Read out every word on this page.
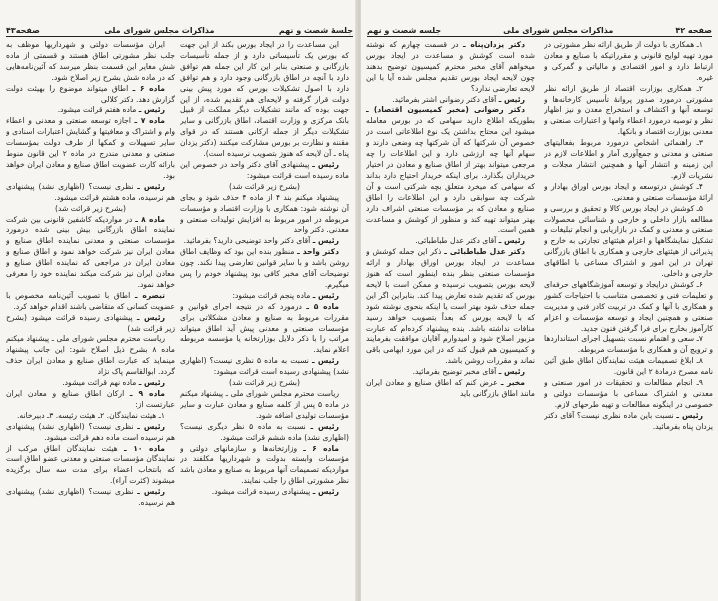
جلسهٔ شصت و نهم
مذاکرات مجلس شورای ملی
صفحه۴۳

این مساعدت را در ایجاد بورس بکند از این جهت که بورس یک تأسیساتی دارد و از جمله تأسیسات بازرگانی و صنعتی بنابر این کار این جمله هم توافق دارد با آنچه در اطاق بازرگانی وجود دارد و هم توافق دارد با اصول تشکیلات بورس که مورد پیش بینی دولت قرار گرفته و لایحه‌ای هم تقدیم شده، از این جهت بوده که مانند تشکیلات دیگر مملکت از قبیل بانک مرکزی و وزارت اقتصاد، اطاق بازرگانی و سایر تشکیلات دیگر از جمله ارکانی هستند که در قوای مقننه و نظارت بر بورس مشارکت میکنند (دکتر یزدان پناه ـ آن لایحه که هنوز بتصویب نرسیده است).

رئیس ـ پیشنهادی آقای دکتر واحد در خصوص این ماده رسیده است قرائت میشود:

(بشرح زیر قرائت شد)

پیشنهاد میکنم بند ۴ از ماده ۴ حذف شود و بجای آن نوشته شود: همکاری با وزارت اقتصاد و مؤسسات مربوطه در امور مربوط به افزایش تولیدات صنعتی و معدنی. دکتر واحد

رئیس ـ آقای دکتر واحد توضیحی دارید؟ بفرمائید.

دکتر واحد ـ منظور بنده این بود که وظایف اطاق روشن باشد و با سایر قوانین تعارضی پیدا نکند. چون توضیحات آقای مخبر کافی بود پیشنهاد خودم را پس میگیرم.

رئیس ـ ماده پنجم قرائت میشود:

ماده ۵ ـ درمورد که در نتیجه اجرای قوانین و مقررات مربوط به صنایع و معادن مشکلاتی برای مؤسسات صنعتی و معدنی پیش آید اطاق میتواند مراتب را با ذکر دلایل بوزارتخانه یا مؤسسه مربوطه اعلام نماید.

رئیس ـ نسبت به ماده ۵ نظری نیست؟ (اظهاری نشد) پیشنهادی رسیده است قرائت میشود:

(بشرح زیر قرائت شد)

ریاست محترم مجلس شورای ملی ـ پیشنهاد میکنم در ماده ۵ پس از کلمه صنایع و معادن عبارت و سایر مؤسسات تولیدی اضافه شود.

رئیس ـ نسبت به ماده ۵ نظر دیگری نیست؟ (اظهاری نشد) ماده ششم قرائت میشود.

ماده ۶ ـ وزارتخانه‌ها و سازمانهای دولتی و مؤسسات وابسته بدولت و شهرداریها مکلفند در مواردیکه تصمیمات آنها مربوط به صنایع و معادن باشد نظر مشورتی اطاق را جلب نمایند.

رئیس ـ پیشنهادی رسیده قرائت میشود.

ایران مؤسسات دولتی و شهرداریها موظف به جلب نظر مشورتی اطاق هستند و قسمتی از ماده شش مغایر این قسمت بنظر میرسد که آئین‌نامه‌هایی که در ماده شش بشرح زیر اصلاح شود.

ماده ۶ ـ اطاق میتواند موضوع را بهیئت دولت گزارش دهد. دکتر کلالی

رئیس ـ ماده هفتم قرائت میشود.

ماده ۷ ـ اجازه توسعه صنعتی و معدنی و اعطاء وام و اشتراک و معافیتها و گشایش اعتبارات اسنادی و سایر تسهیلات و کمکها از طرف دولت بمؤسسات صنعتی و معدنی مندرج در ماده ۲ این قانون منوط بارائه کارت عضویت اطاق صنایع و معادن ایران خواهد بود.

رئیس ـ نظری نیست؟ (اظهاری نشد) پیشنهادی هم نرسیده، ماده هشتم قرائت میشود.

(بشرح زیر قرائت شد)

ماده ۸ ـ در مواردیکه کاشفین قانونی بین شرکت نماینده اطاق بازرگانی بیش بینی شده درمورد مؤسسات صنعتی و معدنی نماینده اطاق صنایع و معادن ایران نیز شرکت خواهد نمود و اطاق صنایع و معادن ایران در مراجعی که نماینده اطاق صنایع و معادن ایران نیز شرکت میکند نماینده خود را معرفی خواهد نمود.

تبصره ـ اطاق با تصویب آئین‌نامه مخصوص با عضویت کسانی که متقاضی باشند اقدام خواهد کرد.

رئیس ـ پیشنهادی رسیده قرائت میشود (بشرح زیر قرائت شد)

ریاست محترم مجلس شورای ملی ـ پیشنهاد میکنم ماده ۸ بشرح ذیل اصلاح شود: این جانب پیشنهاد مینماید که عبارت اطاق صنایع و معادن ایران حذف گردد. ابوالقاسم پاک نژاد

رئیس ـ ماده نهم قرائت میشود.

ماده ۹ ـ ارکان اطاق صنایع و معادن ایران عبارتست از:

۱ـ هیئت نمایندگان. ۲ـ هیئت رئیسه. ۳ـ دبیرخانه.

رئیس ـ نظری نیست؟ (اظهاری نشد) پیشنهادی هم نرسیده است ماده دهم قرائت میشود.

ماده ۱۰ ـ هیئت نمایندگان اطاق مرکب از نمایندگان مؤسسات صنعتی و معدنی عضو اطاق است که بانتخاب اعضاء برای مدت سه سال برگزیده میشوند (کثرت آراء).

رئیس ـ نظری نیست؟ (اظهاری نشد) پیشنهادی هم نرسیده.

صفحه ۴۲
مذاکرات مجلس شورای ملی
جلسه شصت و نهم

۱ـ همکاری با دولت از طریق ارائه نظر مشورتی در مورد تهیه لوایح قانونی و مقرراتیکه با صنایع و معادن ارتباط دارد و امور اقتصادی و مالیاتی و گمرکی و غیره.

۲ـ همکاری بوزارت اقتصاد از طریق ارائه نظر مشورتی درمورد صدور پروانهٔ تأسیس کارخانه‌ها و توسعه آنها و اکتشاف و استخراج معدن و نیز اظهار نظر و توصیه درمورد اعطاء وامها و اعتبارات صنعتی و معدنی بوزارت اقتصاد و بانکها.

۳ـ راهنمائی اشخاص درمورد مربوط بفعالیتهای صنعتی و معدنی و جمع‌آوری آمار و اطلاعات لازم در این زمینه و انتشار آنها و همچنین انتشار مجلات و نشریات لازم.

۴ـ کوشش درتوسعه و ایجاد بورس اوراق بهادار و ارائهٔ مؤسسات صنعتی و معدنی.

۵ـ کوشش در ایجاد بورس کالا و تحقیق و بررسی و مطالعه بازار داخلی و خارجی و شناسائی محصولات صنعتی و معدنی و کمک در بازاریابی و انجام تبلیغات و تشکیل نمایشگاهها و اعزام هیئتهای تجارتی به خارج و پذیرائی از هیئتهای خارجی و همکاری با اطاق بازرگانی تهران در این امور و اشتراک مساعی با اطاقهای خارجی و داخلی.

۶ـ کوشش درایجاد و توسعه آموزشگاههای حرفه‌ای و تعلیمات فنی و تخصصی متناسب با احتیاجات کشور و همکاری با آنها و کمک در تربیت کادر فنی و مدیریت صنعتی و همچنین ایجاد و توسعه مؤسسات و اعزام کارآموز بخارج برای فرا گرفتن فنون جدید.

۷ـ سعی و اهتمام نسبت بتسهیل اجرای استانداردها و ترویج آن و همکاری با مؤسسات مربوطه.

۸ـ ابلاغ تصمیمات هیئت نمایندگان اطاق طبق آئین نامه مصرح درمادهٔ ۲ این قانون.

۹ـ انجام مطالعات و تحقیقات در امور صنعتی و معدنی و اشتراک مساعی با مؤسسات دولتی و خصوصی در اینگونه مطالعات و تهیه طرحهای لازم.

رئیس ـ نسبت باین ماده نظری نیست؟ آقای دکتر یزدان پناه بفرمائید.

دکتر یزدان‌پناه ـ در قسمت چهارم که نوشته شده است کوشش و مساعدت در ایجاد بورس میخواهم آقای مخبر محترم کمیسیون توضیح بدهند چون لایحه ایجاد بورس تقدیم مجلس شده آیا با این لایحه تعارضی ندارد؟

رئیس ـ آقای دکتر رضوانی اشتر بفرمائید.

دکتر رضوانی (مخبر کمیسیون اقتصاد) ـ بطوریکه اطلاع دارید سهامی که در بورس معامله میشود این محتاج بداشتن یک نوع اطلاعاتی است در خصوص آن شرکتها که آن شرکتها چه وضعی دارند و سهام آنها چه ارزشی دارد و این اطلاعات را چه مرجعی میتواند بهتر از اطاق صنایع و معادن در اختیار خریداران بگذارد. برای اینکه خریدار احتیاج دارد بداند که سهامی که میخرد متعلق بچه شرکتی است و آن شرکت چه سوابقی دارد و این اطلاعات را اطاق صنایع و معادن که بر مؤسسات صنعتی اشراف دارد بهتر میتواند تهیه کند و منظور از کوشش و مساعدت همین است.

رئیس ـ آقای دکتر عدل طباطبائی.

دکتر عدل طباطبائی ـ ذکر این جمله کوشش و مساعدت در ایجاد بورس اوراق بهادار و ارائه مؤسسات صنعتی بنظر بنده اینطور است که هنوز لایحه بورس بتصویب نرسیده و ممکن است با لایحه بورس که تقدیم شده تعارض پیدا کند. بنابراین اگر این جمله حذف شود بهتر است یا اینکه بنحوی نوشته شود که با لایحه بورس که بعداً بتصویب خواهد رسید منافات نداشته باشد. بنده پیشنهاد کرده‌ام که عبارت مزبور اصلاح شود و امیدوارم آقایان موافقت بفرمایند و کمیسیون هم قبول کند که در این مورد ابهامی باقی نماند و مقررات روشن باشد.

رئیس ـ آقای مخبر توضیح بفرمائید.

مخبر ـ عرض کنم که اطاق صنایع و معادن ایران مانند اطاق بازرگانی باید
